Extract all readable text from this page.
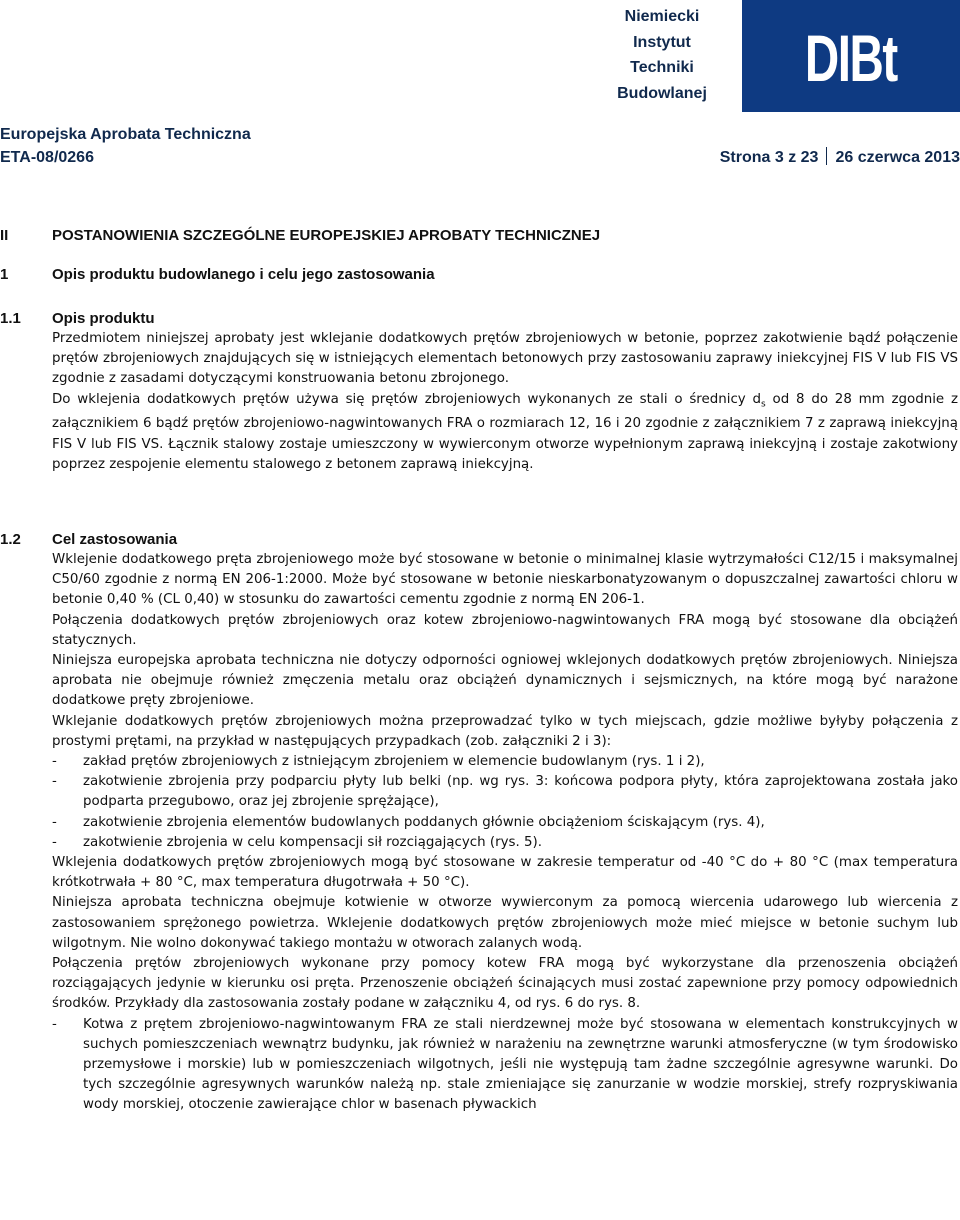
Niemiecki
Instytut
Techniki
Budowlanej DIBt
Europejska Aprobata Techniczna
ETA-08/0266	Strona 3 z 23 26 czerwca 2013
II	POSTANOWIENIA SZCZEGÓLNE EUROPEJSKIEJ APROBATY TECHNICZNEJ
1	Opis produktu budowlanego i celu jego zastosowania
1.1 Opis produktu

Przedmiotem niniejszej aprobaty jest wklejanie dodatkowych prętów zbrojeniowych w betonie, poprzez zakotwienie bądź połączenie prętów zbrojeniowych znajdujących się w istniejących elementach betonowych przy zastosowaniu zaprawy iniekcyjnej FIS V lub FIS VS zgodnie z zasadami dotyczącymi konstruowania betonu zbrojonego.

Do wklejenia dodatkowych prętów używa się prętów zbrojeniowych wykonanych ze stali o średnicy $d_s$ od 8 do 28 mm zgodnie z załącznikiem 6 bądź prętów zbrojeniowo-nagwintowanych FRA o rozmiarach 12, 16 i 20 zgodnie z załącznikiem 7 z zaprawą iniekcyjną FIS V lub FIS VS. Łącznik stalowy zostaje umieszczony w wywierconym otworze wypełnionym zaprawą iniekcyjną i zostaje zakotwiony poprzez zespojenie elementu stalowego z betonem zaprawą iniekcyjną.

1.2 Cel zastosowania

Wklejenie dodatkowego pręta zbrojeniowego może być stosowane w betonie o minimalnej klasie wytrzymałości C12/15 i maksymalnej C50/60 zgodnie z normą EN 206-1:2000. Może być stosowane w betonie nieskarbonatyzowanym o dopuszczalnej zawartości chloru w betonie 0,40 % (CL 0,40) w stosunku do zawartości cementu zgodnie z normą EN 206-1.

Połączenia dodatkowych prętów zbrojeniowych oraz kotew zbrojeniowo-nagwintowanych FRA mogą być stosowane dla obciążeń statycznych.

Niniejsza europejska aprobata techniczna nie dotyczy odporności ogniowej wklejonych dodatkowych prętów zbrojeniowych. Niniejsza aprobata nie obejmuje również zmęczenia metalu oraz obciążeń dynamicznych i sejsmicznych, na które mogą być narażone dodatkowe pręty zbrojeniowe.

Wklejanie dodatkowych prętów zbrojeniowych można przeprowadzać tylko w tych miejscach, gdzie możliwe byłyby połączenia z prostymi prętami, na przykład w następujących przypadkach (zob. załączniki 2 i 3):

- zakład prętów zbrojeniowych z istniejącym zbrojeniem w elemencie budowlanym (rys. 1 i 2),
- zakotwienie zbrojenia przy podparciu płyty lub belki (np. wg rys. 3: końcowa podpora płyty, która zaprojektowana została jako podparta przegubowo, oraz jej zbrojenie sprężające),
- zakotwienie zbrojenia elementów budowlanych poddanych głównie obciążeniom ściskającym (rys. 4),
- zakotwienie zbrojenia w celu kompensacji sił rozciągających (rys. 5).

Wklejenia dodatkowych prętów zbrojeniowych mogą być stosowane w zakresie temperatur od -40 °C do + 80 °C (max temperatura krótkotrwała + 80 °C, max temperatura długotrwała + 50 °C).

Niniejsza aprobata techniczna obejmuje kotwienie w otworze wywierconym za pomocą wiercenia udarowego lub wiercenia z zastosowaniem sprężonego powietrza. Wklejenie dodatkowych prętów zbrojeniowych może mieć miejsce w betonie suchym lub wilgotnym. Nie wolno dokonywać takiego montażu w otworach zalanych wodą.

Połączenia prętów zbrojeniowych wykonane przy pomocy kotew FRA mogą być wykorzystane dla przenoszenia obciążeń rozciągających jedynie w kierunku osi pręta. Przenoszenie obciążeń ścinających musi zostać zapewnione przy pomocy odpowiednich środków. Przykłady dla zastosowania zostały podane w załączniku 4, od rys. 6 do rys. 8.

- Kotwa z prętem zbrojeniowo-nagwintowanym FRA ze stali nierdzewnej może być stosowana w elementach konstrukcyjnych w suchych pomieszczeniach wewnątrz budynku, jak również w narażeniu na zewnętrzne warunki atmosferyczne (w tym środowisko przemysłowe i morskie) lub w pomieszczeniach wilgotnych, jeśli nie występują tam żadne szczególnie agresywne warunki. Do tych szczególnie agresywnych warunków należą np. stale zmieniające się zanurzanie w wodzie morskiej, strefy rozpryskiwania wody morskiej, otoczenie zawierające chlor w basenach pływackich
